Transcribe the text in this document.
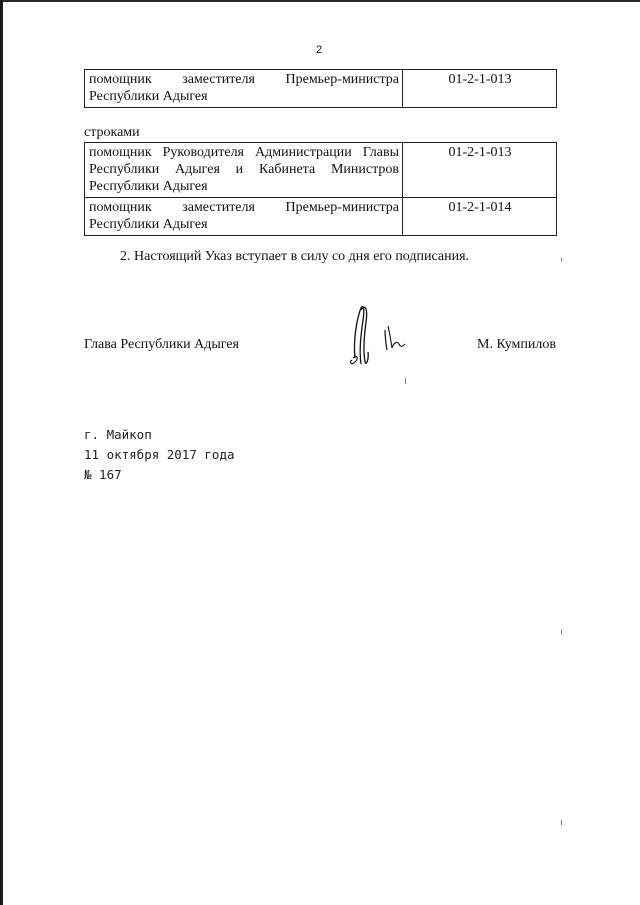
2
помощник заместителя Премьер-министра Республики Адыгея	01-2-1-013
строками
помощник Руководителя Администрации Главы Республики Адыгея и Кабинета Министров Республики Адыгея	01-2-1-013
помощник заместителя Премьер-министра Республики Адыгея	01-2-1-014
2. Настоящий Указ вступает в силу со дня его подписания.
Глава Республики Адыгея	М. Кумпилов
г. Майкоп
11 октября 2017 года
№ 167
